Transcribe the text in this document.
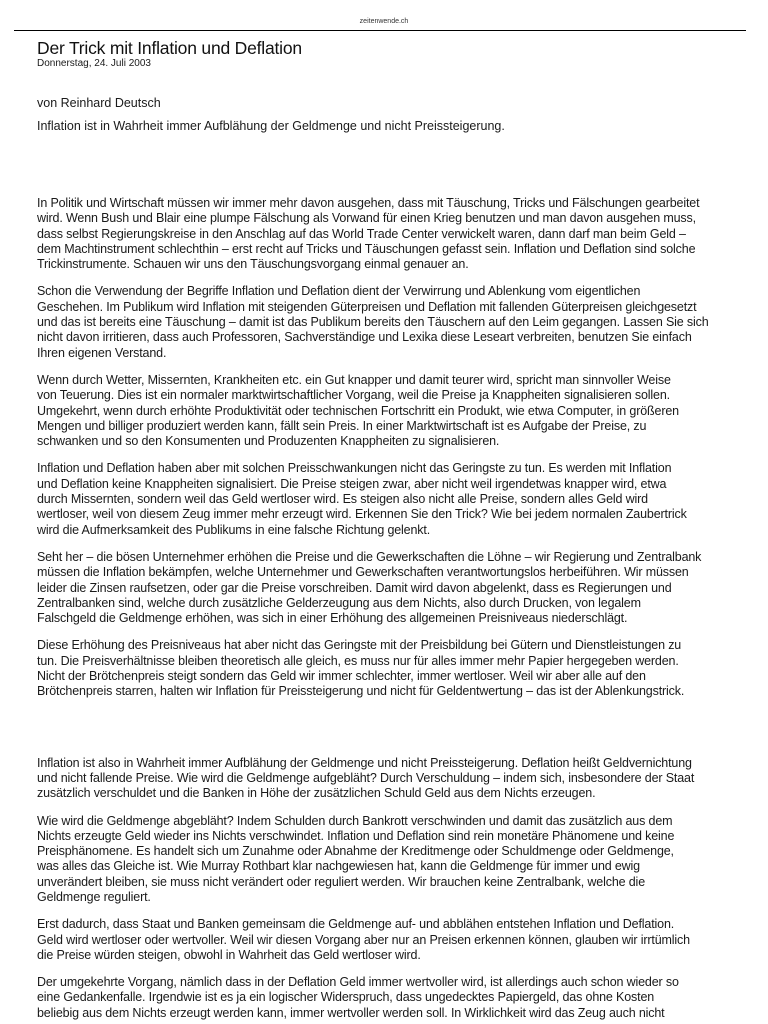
zeitenwende.ch
Der Trick mit Inflation und Deflation
Donnerstag, 24. Juli 2003
von Reinhard Deutsch
Inflation ist in Wahrheit immer Aufblähung der Geldmenge und nicht Preissteigerung.

In Politik und Wirtschaft müssen wir immer mehr davon ausgehen, dass mit Täuschung, Tricks und Fälschungen gearbeitet
wird. Wenn Bush und Blair eine plumpe Fälschung als Vorwand für einen Krieg benutzen und man davon ausgehen muss,
dass selbst Regierungskreise in den Anschlag auf das World Trade Center verwickelt waren, dann darf man beim Geld –
dem Machtinstrument schlechthin – erst recht auf Tricks und Täuschungen gefasst sein. Inflation und Deflation sind solche
Trickinstrumente. Schauen wir uns den Täuschungsvorgang einmal genauer an.

Schon die Verwendung der Begriffe Inflation und Deflation dient der Verwirrung und Ablenkung vom eigentlichen
Geschehen. Im Publikum wird Inflation mit steigenden Güterpreisen und Deflation mit fallenden Güterpreisen gleichgesetzt
und das ist bereits eine Täuschung – damit ist das Publikum bereits den Täuschern auf den Leim gegangen. Lassen Sie sich
nicht davon irritieren, dass auch Professoren, Sachverständige und Lexika diese Leseart verbreiten, benutzen Sie einfach
Ihren eigenen Verstand.

Wenn durch Wetter, Missernten, Krankheiten etc. ein Gut knapper und damit teurer wird, spricht man sinnvoller Weise
von Teuerung. Dies ist ein normaler marktwirtschaftlicher Vorgang, weil die Preise ja Knappheiten signalisieren sollen.
Umgekehrt, wenn durch erhöhte Produktivität oder technischen Fortschritt ein Produkt, wie etwa Computer, in größeren
Mengen und billiger produziert werden kann, fällt sein Preis. In einer Marktwirtschaft ist es Aufgabe der Preise, zu
schwanken und so den Konsumenten und Produzenten Knappheiten zu signalisieren.

Inflation und Deflation haben aber mit solchen Preisschwankungen nicht das Geringste zu tun. Es werden mit Inflation
und Deflation keine Knappheiten signalisiert. Die Preise steigen zwar, aber nicht weil irgendetwas knapper wird, etwa
durch Missernten, sondern weil das Geld wertloser wird. Es steigen also nicht alle Preise, sondern alles Geld wird
wertloser, weil von diesem Zeug immer mehr erzeugt wird. Erkennen Sie den Trick? Wie bei jedem normalen Zaubertrick
wird die Aufmerksamkeit des Publikums in eine falsche Richtung gelenkt.

Seht her – die bösen Unternehmer erhöhen die Preise und die Gewerkschaften die Löhne – wir Regierung und Zentralbank
müssen die Inflation bekämpfen, welche Unternehmer und Gewerkschaften verantwortungslos herbeiführen. Wir müssen
leider die Zinsen raufsetzen, oder gar die Preise vorschreiben. Damit wird davon abgelenkt, dass es Regierungen und
Zentralbanken sind, welche durch zusätzliche Gelderzeugung aus dem Nichts, also durch Drucken, von legalem
Falschgeld die Geldmenge erhöhen, was sich in einer Erhöhung des allgemeinen Preisniveaus niederschlägt.

Diese Erhöhung des Preisniveaus hat aber nicht das Geringste mit der Preisbildung bei Gütern und Dienstleistungen zu
tun. Die Preisverhältnisse bleiben theoretisch alle gleich, es muss nur für alles immer mehr Papier hergegeben werden.
Nicht der Brötchenpreis steigt sondern das Geld wir immer schlechter, immer wertloser. Weil wir aber alle auf den
Brötchenpreis starren, halten wir Inflation für Preissteigerung und nicht für Geldentwertung – das ist der Ablenkungstrick.

Inflation ist also in Wahrheit immer Aufblähung der Geldmenge und nicht Preissteigerung. Deflation heißt Geldvernichtung
und nicht fallende Preise. Wie wird die Geldmenge aufgebläht? Durch Verschuldung – indem sich, insbesondere der Staat
zusätzlich verschuldet und die Banken in Höhe der zusätzlichen Schuld Geld aus dem Nichts erzeugen.

Wie wird die Geldmenge abgebläht? Indem Schulden durch Bankrott verschwinden und damit das zusätzlich aus dem
Nichts erzeugte Geld wieder ins Nichts verschwindet. Inflation und Deflation sind rein monetäre Phänomene und keine
Preisphänomene. Es handelt sich um Zunahme oder Abnahme der Kreditmenge oder Schuldmenge oder Geldmenge,
was alles das Gleiche ist. Wie Murray Rothbart klar nachgewiesen hat, kann die Geldmenge für immer und ewig
unverändert bleiben, sie muss nicht verändert oder reguliert werden. Wir brauchen keine Zentralbank, welche die
Geldmenge reguliert.

Erst dadurch, dass Staat und Banken gemeinsam die Geldmenge auf- und abblähen entstehen Inflation und Deflation.
Geld wird wertloser oder wertvoller. Weil wir diesen Vorgang aber nur an Preisen erkennen können, glauben wir irrtümlich
die Preise würden steigen, obwohl in Wahrheit das Geld wertloser wird.

Der umgekehrte Vorgang, nämlich dass in der Deflation Geld immer wertvoller wird, ist allerdings auch schon wieder so
eine Gedankenfalle. Irgendwie ist es ja ein logischer Widerspruch, dass ungedecktes Papiergeld, das ohne Kosten
beliebig aus dem Nichts erzeugt werden kann, immer wertvoller werden soll. In Wirklichkeit wird das Zeug auch nicht
